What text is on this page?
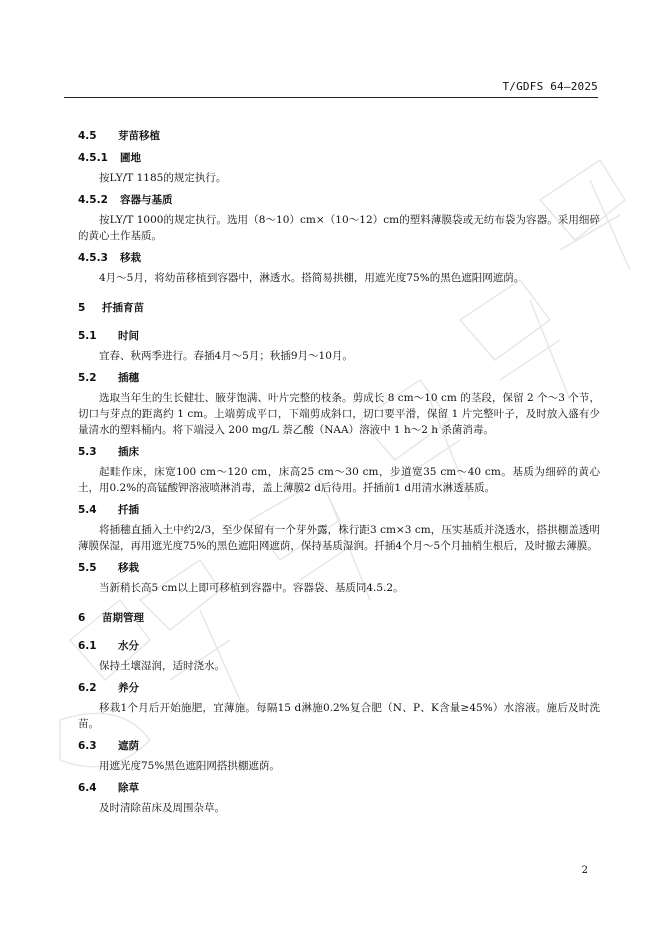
T/GDFS 64—2025
4.5	芽苗移植
4.5.1	圃地

按LY/T 1185的规定执行。

4.5.2	容器与基质

按LY/T 1000的规定执行。选用（8～10）cm×（10～12）cm的塑料薄膜袋或无纺布袋为容器。采用细碎的黄心土作基质。

4.5.3	移栽

4月～5月，将幼苗移植到容器中，淋透水。搭简易拱棚，用遮光度75%的黑色遮阳网遮荫。

5	扦插育苗
5.1	时间

宜春、秋两季进行。春插4月～5月；秋插9月～10月。

5.2	插穗

选取当年生的生长健壮、腋芽饱满、叶片完整的枝条。剪成长 8 cm～10 cm 的茎段，保留 2 个～3 个节，切口与芽点的距离约 1 cm。上端剪成平口，下端剪成斜口，切口要平滑，保留 1 片完整叶子，及时放入盛有少量清水的塑料桶内。将下端浸入 200 mg/L 萘乙酸（NAA）溶液中 1 h～2 h 杀菌消毒。

5.3	插床

起畦作床，床宽100 cm～120 cm，床高25 cm～30 cm，步道宽35 cm～40 cm。基质为细碎的黄心土，用0.2%的高锰酸钾溶液喷淋消毒，盖上薄膜2 d后待用。扦插前1 d用清水淋透基质。

5.4	扦插

将插穗直插入土中约2/3，至少保留有一个芽外露，株行距3 cm×3 cm，压实基质并浇透水，搭拱棚盖透明薄膜保湿，再用遮光度75%的黑色遮阳网遮荫，保持基质湿润。扦插4个月～5个月抽梢生根后，及时撤去薄膜。

5.5	移栽

当新稍长高5 cm以上即可移植到容器中。容器袋、基质同4.5.2。

6	苗期管理
6.1	水分

保持土壤湿润，适时浇水。

6.2	养分

移栽1个月后开始施肥，宜薄施。每隔15 d淋施0.2%复合肥（N、P、K含量≥45%）水溶液。施后及时洗苗。

6.3	遮荫

用遮光度75%黑色遮阳网搭拱棚遮荫。

6.4	除草

及时清除苗床及周围杂草。

2
